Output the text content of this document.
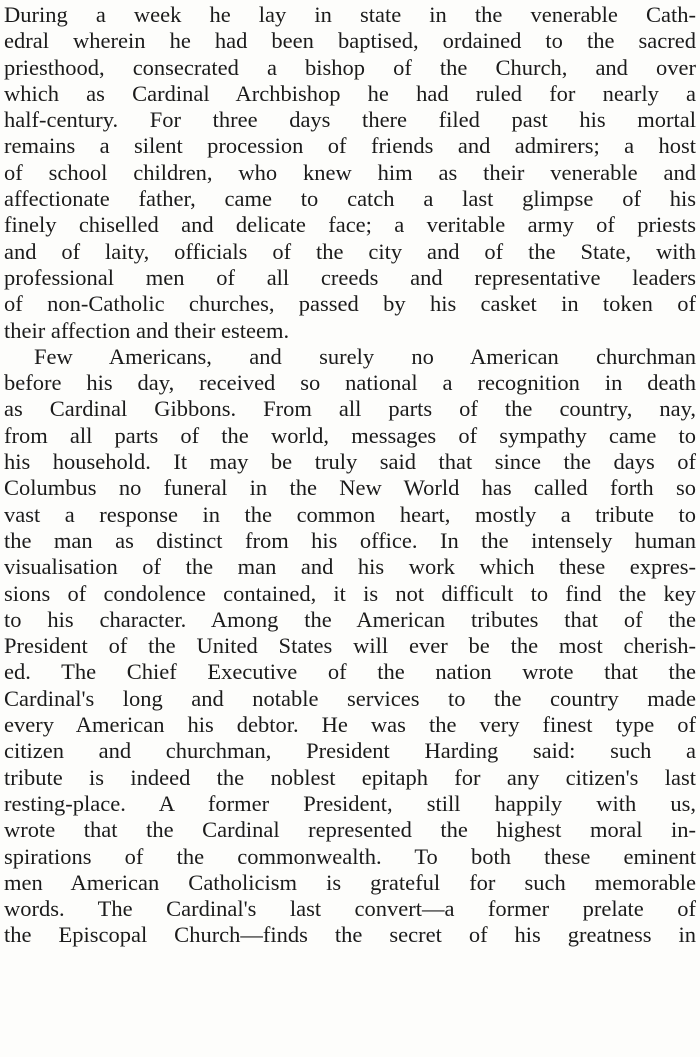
During a week he lay in state in the venerable Cath-
edral wherein he had been baptised, ordained to the sacred
priesthood, consecrated a bishop of the Church, and over
which as Cardinal Archbishop he had ruled for nearly a
half-century. For three days there filed past his mortal
remains a silent procession of friends and admirers; a host
of school children, who knew him as their venerable and
affectionate father, came to catch a last glimpse of his
finely chiselled and delicate face; a veritable army of priests
and of laity, officials of the city and of the State, with
professional men of all creeds and representative leaders
of non-Catholic churches, passed by his casket in token of
their affection and their esteem.
Few Americans, and surely no American churchman
before his day, received so national a recognition in death
as Cardinal Gibbons. From all parts of the country, nay,
from all parts of the world, messages of sympathy came to
his household. It may be truly said that since the days of
Columbus no funeral in the New World has called forth so
vast a response in the common heart, mostly a tribute to
the man as distinct from his office. In the intensely human
visualisation of the man and his work which these expres-
sions of condolence contained, it is not difficult to find the key
to his character. Among the American tributes that of the
President of the United States will ever be the most cherish-
ed. The Chief Executive of the nation wrote that the
Cardinal's long and notable services to the country made
every American his debtor. He was the very finest type of
citizen and churchman, President Harding said: such a
tribute is indeed the noblest epitaph for any citizen's last
resting-place. A former President, still happily with us,
wrote that the Cardinal represented the highest moral in-
spirations of the commonwealth. To both these eminent
men American Catholicism is grateful for such memorable
words. The Cardinal's last convert—a former prelate of
the Episcopal Church—finds the secret of his greatness in
